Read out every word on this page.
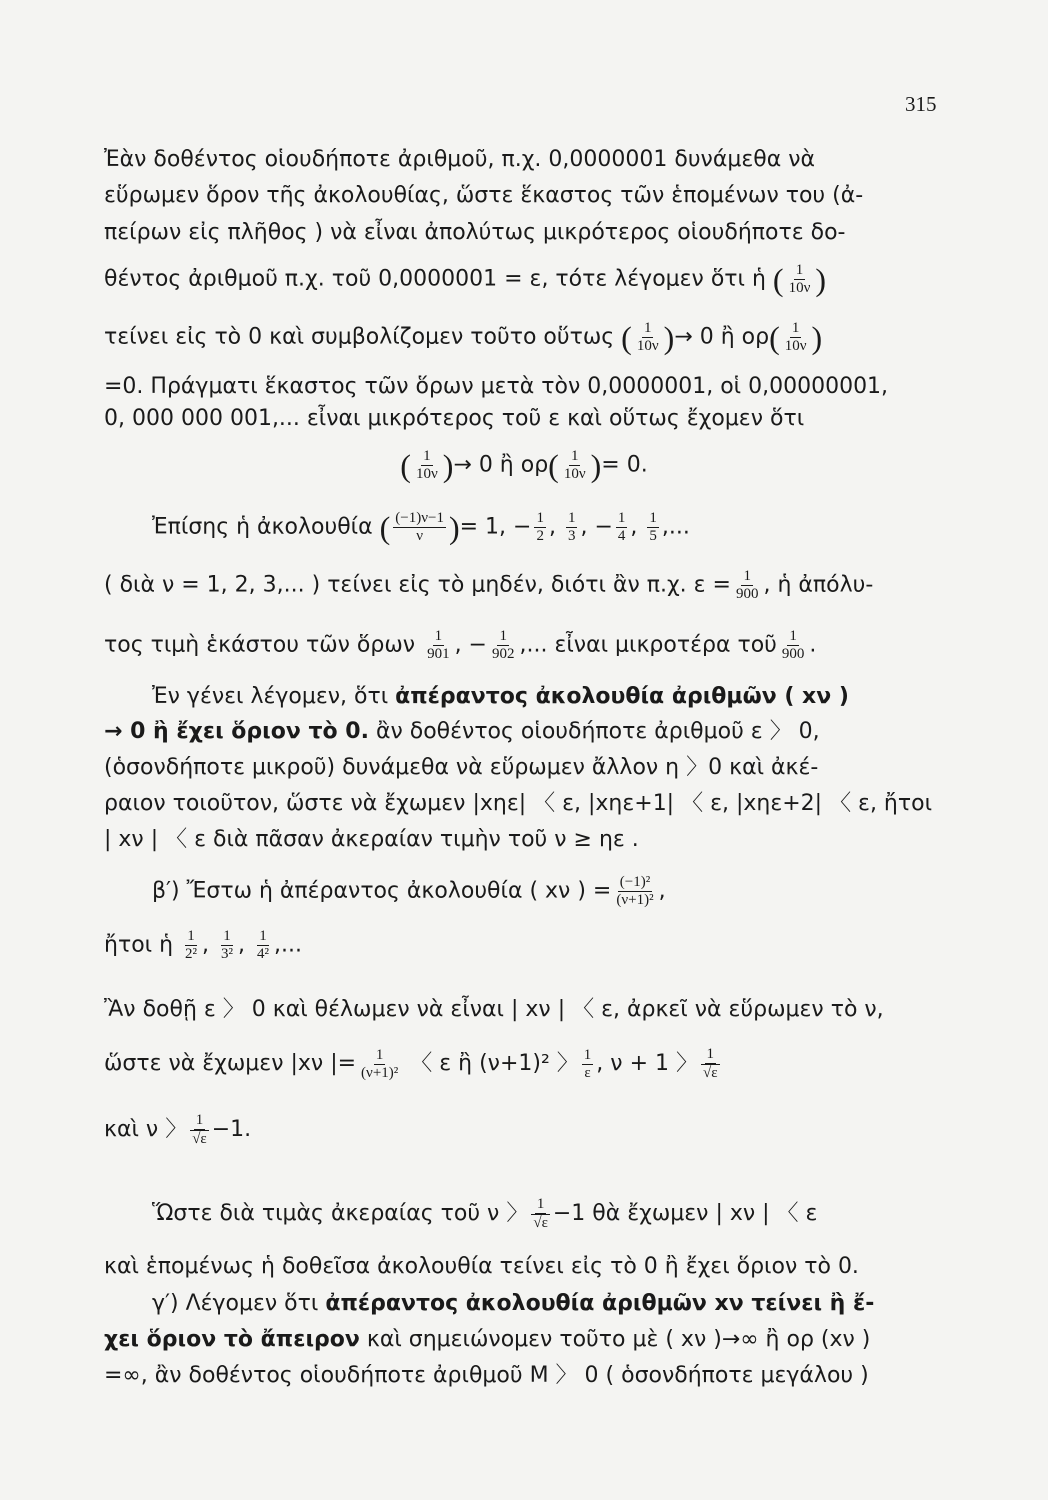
315
Ἐὰν δοθέντος οἱουδήποτε ἀριθμοῦ, π.χ. 0,0000001 δυνάμεθα νὰ
εὕρωμεν ὅρον τῆς ἀκολουθίας, ὥστε ἕκαστος τῶν ἑπομένων του (ἀ-
πείρων εἰς πλῆθος ) νὰ εἶναι ἀπολύτως μικρότερος οἱουδήποτε δο-
θέντος ἀριθμοῦ π.χ. τοῦ 0,0000001 = ε, τότε λέγομεν ὅτι ἡ ( $\frac{1}{10\nu}$ )
τείνει εἰς τὸ 0 καὶ συμβολίζομεν τοῦτο οὕτως ( $\frac{1}{10\nu}$ )→ 0 ἢ $o\rho( \frac{1}{10\nu}$ )
=0. Πράγματι ἕκαστος τῶν ὅρων μετὰ τὸν 0,0000001, οἱ 0,00000001,
0, 000 000 001,... εἶναι μικρότερος τοῦ ε καὶ οὕτως ἔχομεν ὅτι
( $\frac{1}{10\nu}$ )→ 0 ἢ $o\rho( \frac{1}{10\nu}$ )= 0.
Ἐπίσης ἡ ἀκολουθία ( $\frac{(-1)\nu-1}{\nu}$ )= 1, − $\frac{1}{2}$ , $\frac{1}{3}$ , − $\frac{1}{4}$ , $\frac{1}{5}$ ,...
( διὰ ν = 1, 2, 3,... ) τείνει εἰς τὸ μηδέν, διότι ἂν π.χ. $\varepsilon = \frac{1}{900}$ , ἡ ἀπόλυ-
τος τιμὴ ἑκάστου τῶν ὅρων $\frac{1}{901}$ , − $\frac{1}{902}$ ,... εἶναι μικροτέρα τοῦ $\frac{1}{900}$ .
Ἐν γένει λέγομεν, ὅτι ἀπέραντος ἀκολουθία ἀριθμῶν ( xν )
→ 0 ἢ ἔχει ὅριον τὸ 0. ἂν δοθέντος οἱουδήποτε ἀριθμοῦ ε 〉 0,
(ὁσονδήποτε μικροῦ) δυνάμεθα νὰ εὕρωμεν ἄλλον η 〉0 καὶ ἀκέ-
ραιον τοιοῦτον, ὥστε νὰ ἔχωμεν |xηε| 〈 ε, |xηε+1| 〈 ε, |xηε+2| 〈 ε, ἤτοι
| xν | 〈 ε διὰ πᾶσαν ἀκεραίαν τιμὴν τοῦ ν ≥ ηε .
β′) Ἔστω ἡ ἀπέραντος ἀκολουθία ( xν ) = $\frac{\text{(−1)²}}{\text{(ν+1)²}}$ ,
ἤτοι ἡ $\frac{1}{\text{2²}}$ , $\frac{1}{\text{3²}}$ , $\frac{1}{\text{4²}}$ ,...
Ἂν δοθῇ ε 〉 0 καὶ θέλωμεν νὰ εἶναι | xν | 〈 ε, ἀρκεῖ νὰ εὕρωμεν τὸ ν,
ὥστε νὰ ἔχωμεν |xν |= $\frac{1}{\text{(ν+1)²}}$ 〈 ε ἢ (ν+1)² 〉 $\frac{1}{\varepsilon}$ , ν + 1 〉 $\frac{1}{√\varepsilon}$
καὶ ν 〉 $\frac{1}{√\varepsilon} -1$.
Ὥστε διὰ τιμὰς ἀκεραίας τοῦ ν 〉 $\frac{1}{√\varepsilon} -1$ θὰ ἔχωμεν | xν | 〈 ε
καὶ ἑπομένως ἡ δοθεῖσα ἀκολουθία τείνει εἰς τὸ 0 ἢ ἔχει ὅριον τὸ 0.
γ′) Λέγομεν ὅτι ἀπέραντος ἀκολουθία ἀριθμῶν xν τείνει ἢ ἔ-
χει ὅριον τὸ ἄπειρον καὶ σημειώνομεν τοῦτο μὲ ( xν )→∞ ἢ ορ (xν )
=∞, ἂν δοθέντος οἱουδήποτε ἀριθμοῦ Μ 〉 0 ( ὁσονδήποτε μεγάλου )
